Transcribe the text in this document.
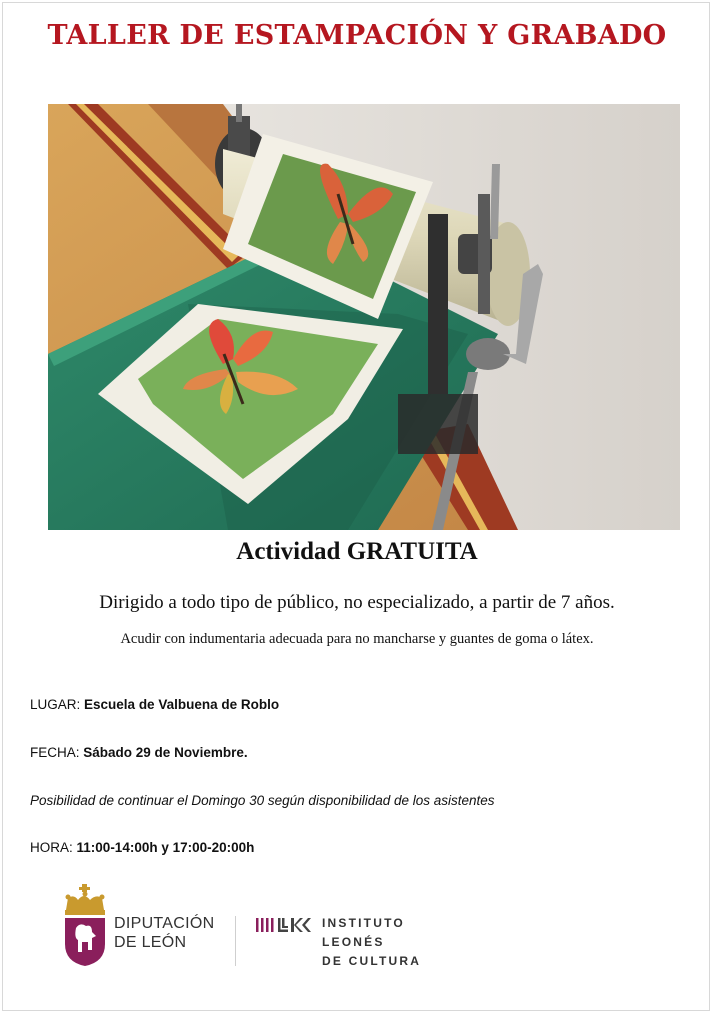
TALLER DE ESTAMPACIÓN Y GRABADO
Actividad GRATUITA
Dirigido a todo tipo de público, no especializado, a partir de 7 años.
Acudir con indumentaria adecuada para no mancharse y guantes de goma o látex.
LUGAR: Escuela de Valbuena de Roblo
FECHA: Sábado 29 de Noviembre.
Posibilidad de continuar el Domingo 30 según disponibilidad de los asistentes
HORA: 11:00-14:00h y 17:00-20:00h
DIPUTACIÓN
DE LEÓN
INSTITUTO
LEONÉS
DE CULTURA
